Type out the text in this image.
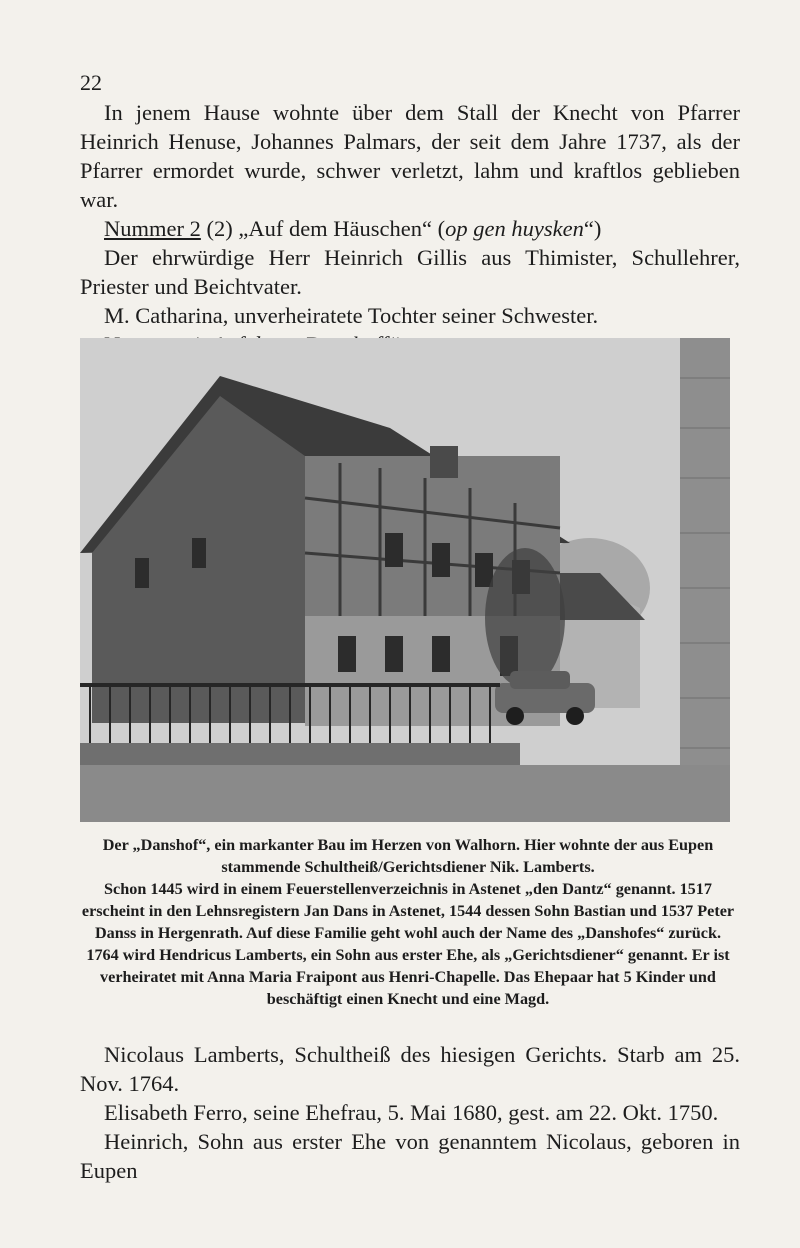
22

In jenem Hause wohnte über dem Stall der Knecht von Pfarrer Heinrich Henuse, Johannes Palmars, der seit dem Jahre 1737, als der Pfarrer ermordet wurde, schwer verletzt, lahm und kraftlos geblieben war.

Nummer 2 (2) „Auf dem Häuschen“ (op gen huysken“)

Der ehrwürdige Herr Heinrich Gillis aus Thimister, Schullehrer, Priester und Beichtvater.

M. Catharina, unverheiratete Tochter seiner Schwester.

Der „Danshof“, ein markanter Bau im Herzen von Walhorn. Hier wohnte der aus Eupen stammende Schultheiß/Gerichtsdiener Nik. Lamberts.

Schon 1445 wird in einem Feuerstellenverzeichnis in Astenet „den Dantz“ genannt. 1517 erscheint in den Lehnsregistern Jan Dans in Astenet, 1544 dessen Sohn Bastian und 1537 Peter Danss in Hergenrath. Auf diese Familie geht wohl auch der Name des „Danshofes“ zurück.

1764 wird Hendricus Lamberts, ein Sohn aus erster Ehe, als „Gerichtsdiener“ genannt. Er ist verheiratet mit Anna Maria Fraipont aus Henri-Chapelle. Das Ehepaar hat 5 Kinder und beschäftigt einen Knecht und eine Magd.

Nicolaus Lamberts, Schultheiß des hiesigen Gerichts. Starb am 25. Nov. 1764.

Elisabeth Ferro, seine Ehefrau, 5. Mai 1680, gest. am 22. Okt. 1750.

Heinrich, Sohn aus erster Ehe von genanntem Nicolaus, geboren in Eupen
